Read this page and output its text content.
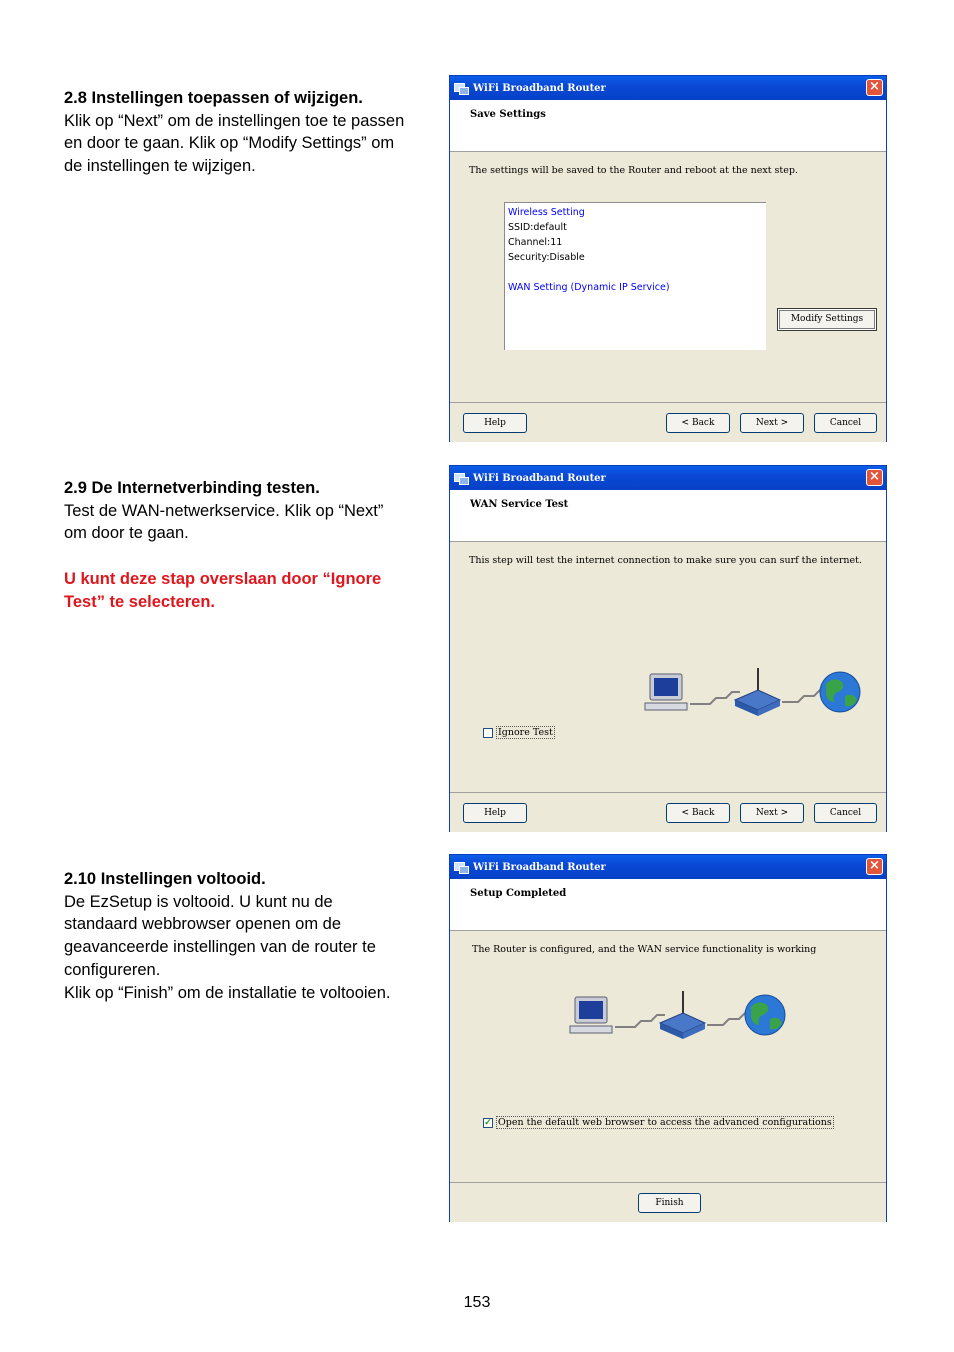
2.8 Instellingen toepassen of wijzigen.

Klik op “Next” om de instellingen toe te passen

en door te gaan. Klik op “Modify Settings” om

de instellingen te wijzigen.

WiFi Broadband Router	×
Save Settings
The settings will be saved to the Router and reboot at the next step.
Wireless Setting
SSID:default
Channel:11
Security:Disable
WAN Setting (Dynamic IP Service)
Modify Settings
Help	< Back	Next >	Cancel

2.9 De Internetverbinding testen.

Test de WAN-netwerkservice. Klik op “Next”

om door te gaan.

U kunt deze stap overslaan door “Ignore

Test” te selecteren.

WiFi Broadband Router	×
WAN Service Test
This step will test the internet connection to make sure you can surf the internet.
Ignore Test
Help	< Back	Next >	Cancel

2.10 Instellingen voltooid.

De EzSetup is voltooid. U kunt nu de

standaard webbrowser openen om de

geavanceerde instellingen van de router te

configureren.

Klik op “Finish” om de installatie te voltooien.

WiFi Broadband Router	×
Setup Completed
The Router is configured, and the WAN service functionality is working
✓ Open the default web browser to access the advanced configurations
Finish
153
